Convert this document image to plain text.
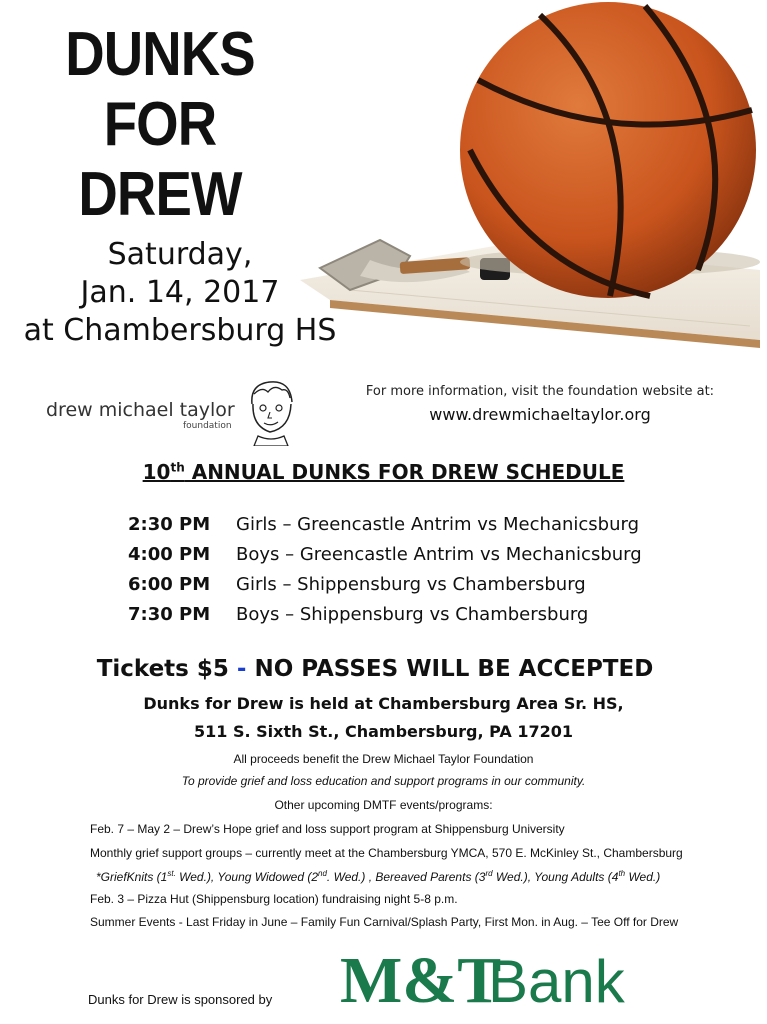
DUNKS
FOR
DREW
Saturday,
Jan. 14, 2017
at Chambersburg HS
drew michael taylor
foundation
For more information, visit the foundation website at:
www.drewmichaeltaylor.org
10th ANNUAL DUNKS FOR DREW SCHEDULE
2:30 PM Girls – Greencastle Antrim vs Mechanicsburg
4:00 PM Boys – Greencastle Antrim vs Mechanicsburg
6:00 PM Girls – Shippensburg vs Chambersburg
7:30 PM Boys – Shippensburg vs Chambersburg
Tickets $5 - NO PASSES WILL BE ACCEPTED
Dunks for Drew is held at Chambersburg Area Sr. HS,
511 S. Sixth St., Chambersburg, PA 17201
All proceeds benefit the Drew Michael Taylor Foundation
To provide grief and loss education and support programs in our community.
Other upcoming DMTF events/programs:
Feb. 7 – May 2 – Drew’s Hope grief and loss support program at Shippensburg University
Monthly grief support groups – currently meet at the Chambersburg YMCA, 570 E. McKinley St., Chambersburg
*GriefKnits ($1^{st.}$ Wed.), Young Widowed (2nd. Wed.) , Bereaved Parents (3rd Wed.), Young Adults (4th Wed.)
Feb. 3 – Pizza Hut (Shippensburg location) fundraising night 5-8 p.m.
Summer Events - Last Friday in June – Family Fun Carnival/Splash Party, First Mon. in Aug. – Tee Off for Drew
Dunks for Drew is sponsored by M&T
Bank
